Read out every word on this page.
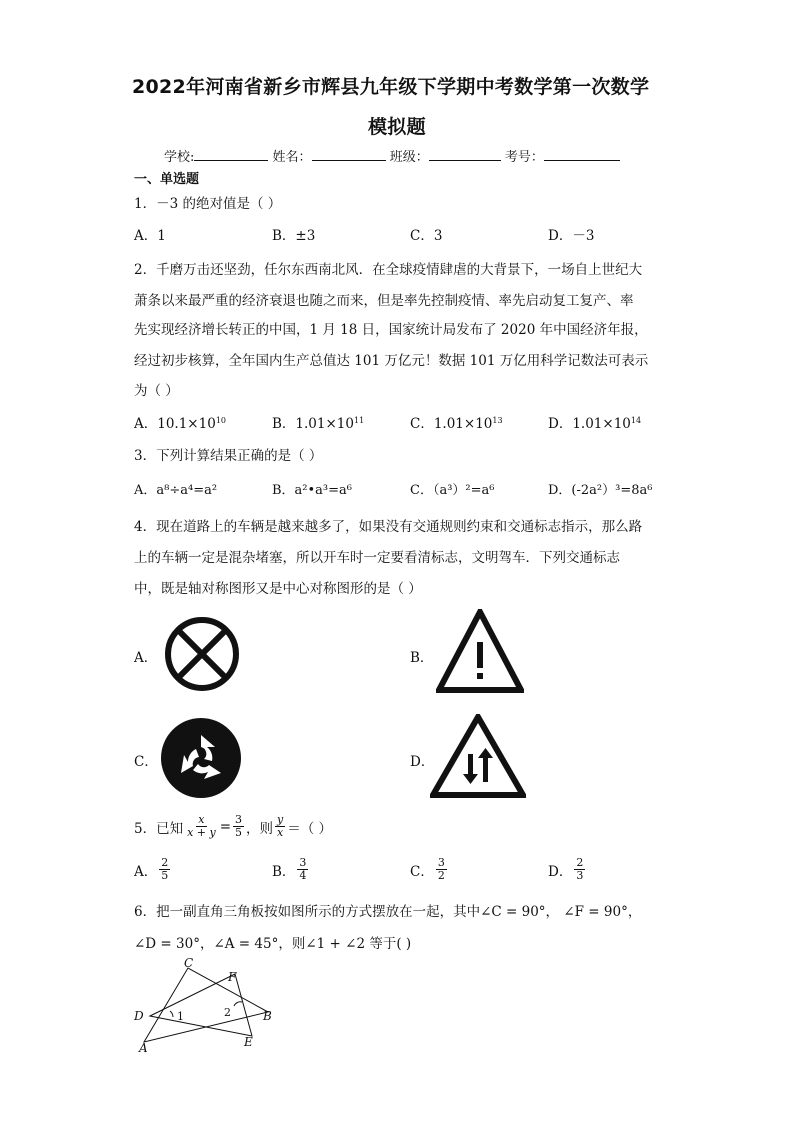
2022年河南省新乡市辉县九年级下学期中考数学第一次数学
模拟题
学校:	姓名：	班级：	考号：
一、单选题
1．－3 的绝对值是（ ）
A．1	B．±3	C．3	D．－3
2．千磨万击还坚劲，任尔东西南北风．在全球疫情肆虐的大背景下，一场自上世纪大
萧条以来最严重的经济衰退也随之而来，但是率先控制疫情、率先启动复工复产、率
先实现经济增长转正的中国，1 月 18 日，国家统计局发布了 2020 年中国经济年报，
经过初步核算，全年国内生产总值达 101 万亿元！数据 101 万亿用科学记数法可表示
为（ ）
A．$10.1\times 10^{10}$	B．$1.01\times 10^{11}$	C．$1.01\times 10^{13}$	D．$1.01\times 10^{14}$
3．下列计算结果正确的是（ ）
A．a⁸÷a⁴=a²	B．a²•a³=a⁶	C．（a³）²=a⁶	D．(-2a²）³=8a⁶
4．现在道路上的车辆是越来越多了，如果没有交通规则约束和交通标志指示，那么路
上的车辆一定是混杂堵塞，所以开车时一定要看清标志，文明驾车．下列交通标志
中，既是轴对称图形又是中心对称图形的是（ ）
A．	B．
C．	D．
5．已知 $\frac{x}{x + y} = \frac{3}{5}$ ，则 $\frac{y}{x}$ ＝（ ）
A． $\frac{2}{5}$	B． $\frac{3}{4}$	C． $\frac{3}{2}$	D． $\frac{2}{3}$
6．把一副直角三角板按如图所示的方式摆放在一起，其中∠C = 90°， ∠F = 90°，
∠D = 30°，∠A = 45°，则∠1 + ∠2 等于( )
C
F
D
A
B
E
1	2
